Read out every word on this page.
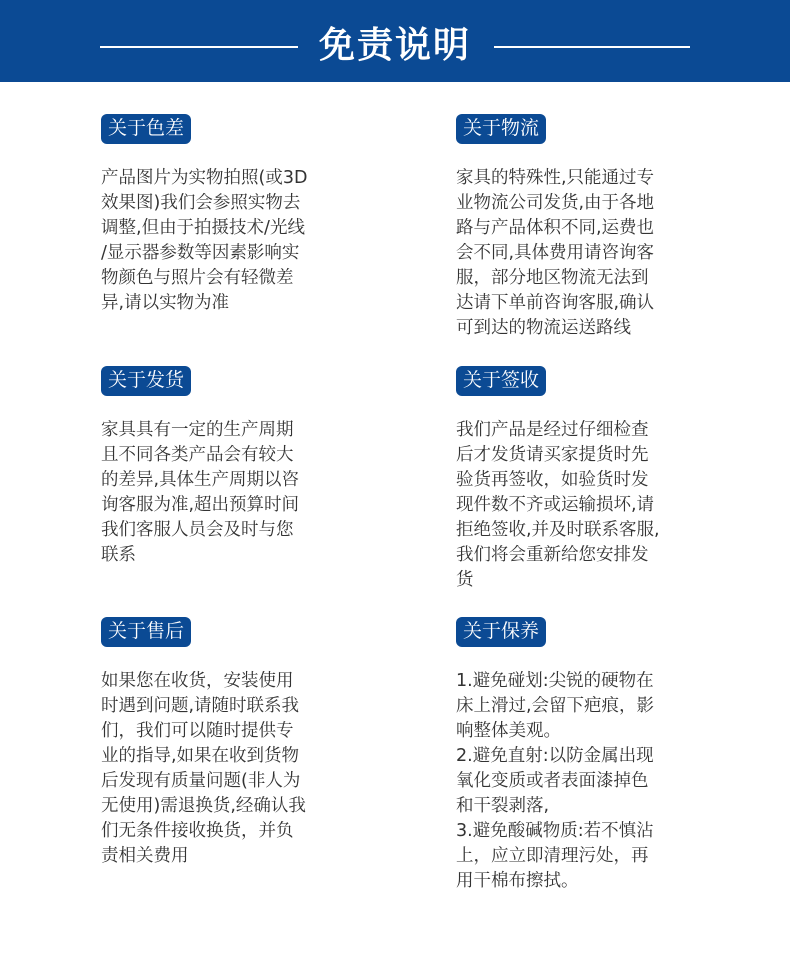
免责说明
关于色差
产品图片为实物拍照(或3D
效果图)我们会参照实物去
调整,但由于拍摄技术/光线
/显示器参数等因素影响实
物颜色与照片会有轻微差
异,请以实物为准
关于物流
家具的特殊性,只能通过专
业物流公司发货,由于各地
路与产品体积不同,运费也
会不同,具体费用请咨询客
服，部分地区物流无法到
达请下单前咨询客服,确认
可到达的物流运送路线
关于发货
家具具有一定的生产周期
且不同各类产品会有较大
的差异,具体生产周期以咨
询客服为准,超出预算时间
我们客服人员会及时与您
联系
关于签收
我们产品是经过仔细检查
后才发货请买家提货时先
验货再签收，如验货时发
现件数不齐或运输损坏,请
拒绝签收,并及时联系客服,
我们将会重新给您安排发
货
关于售后
如果您在收货，安装使用
时遇到问题,请随时联系我
们，我们可以随时提供专
业的指导,如果在收到货物
后发现有质量问题(非人为
无使用)需退换货,经确认我
们无条件接收换货，并负
责相关费用
关于保养
1.避免碰划:尖锐的硬物在
床上滑过,会留下疤痕，影
响整体美观。
2.避免直射:以防金属出现
氧化变质或者表面漆掉色
和干裂剥落,
3.避免酸碱物质:若不慎沾
上，应立即清理污处，再
用干棉布擦拭。
